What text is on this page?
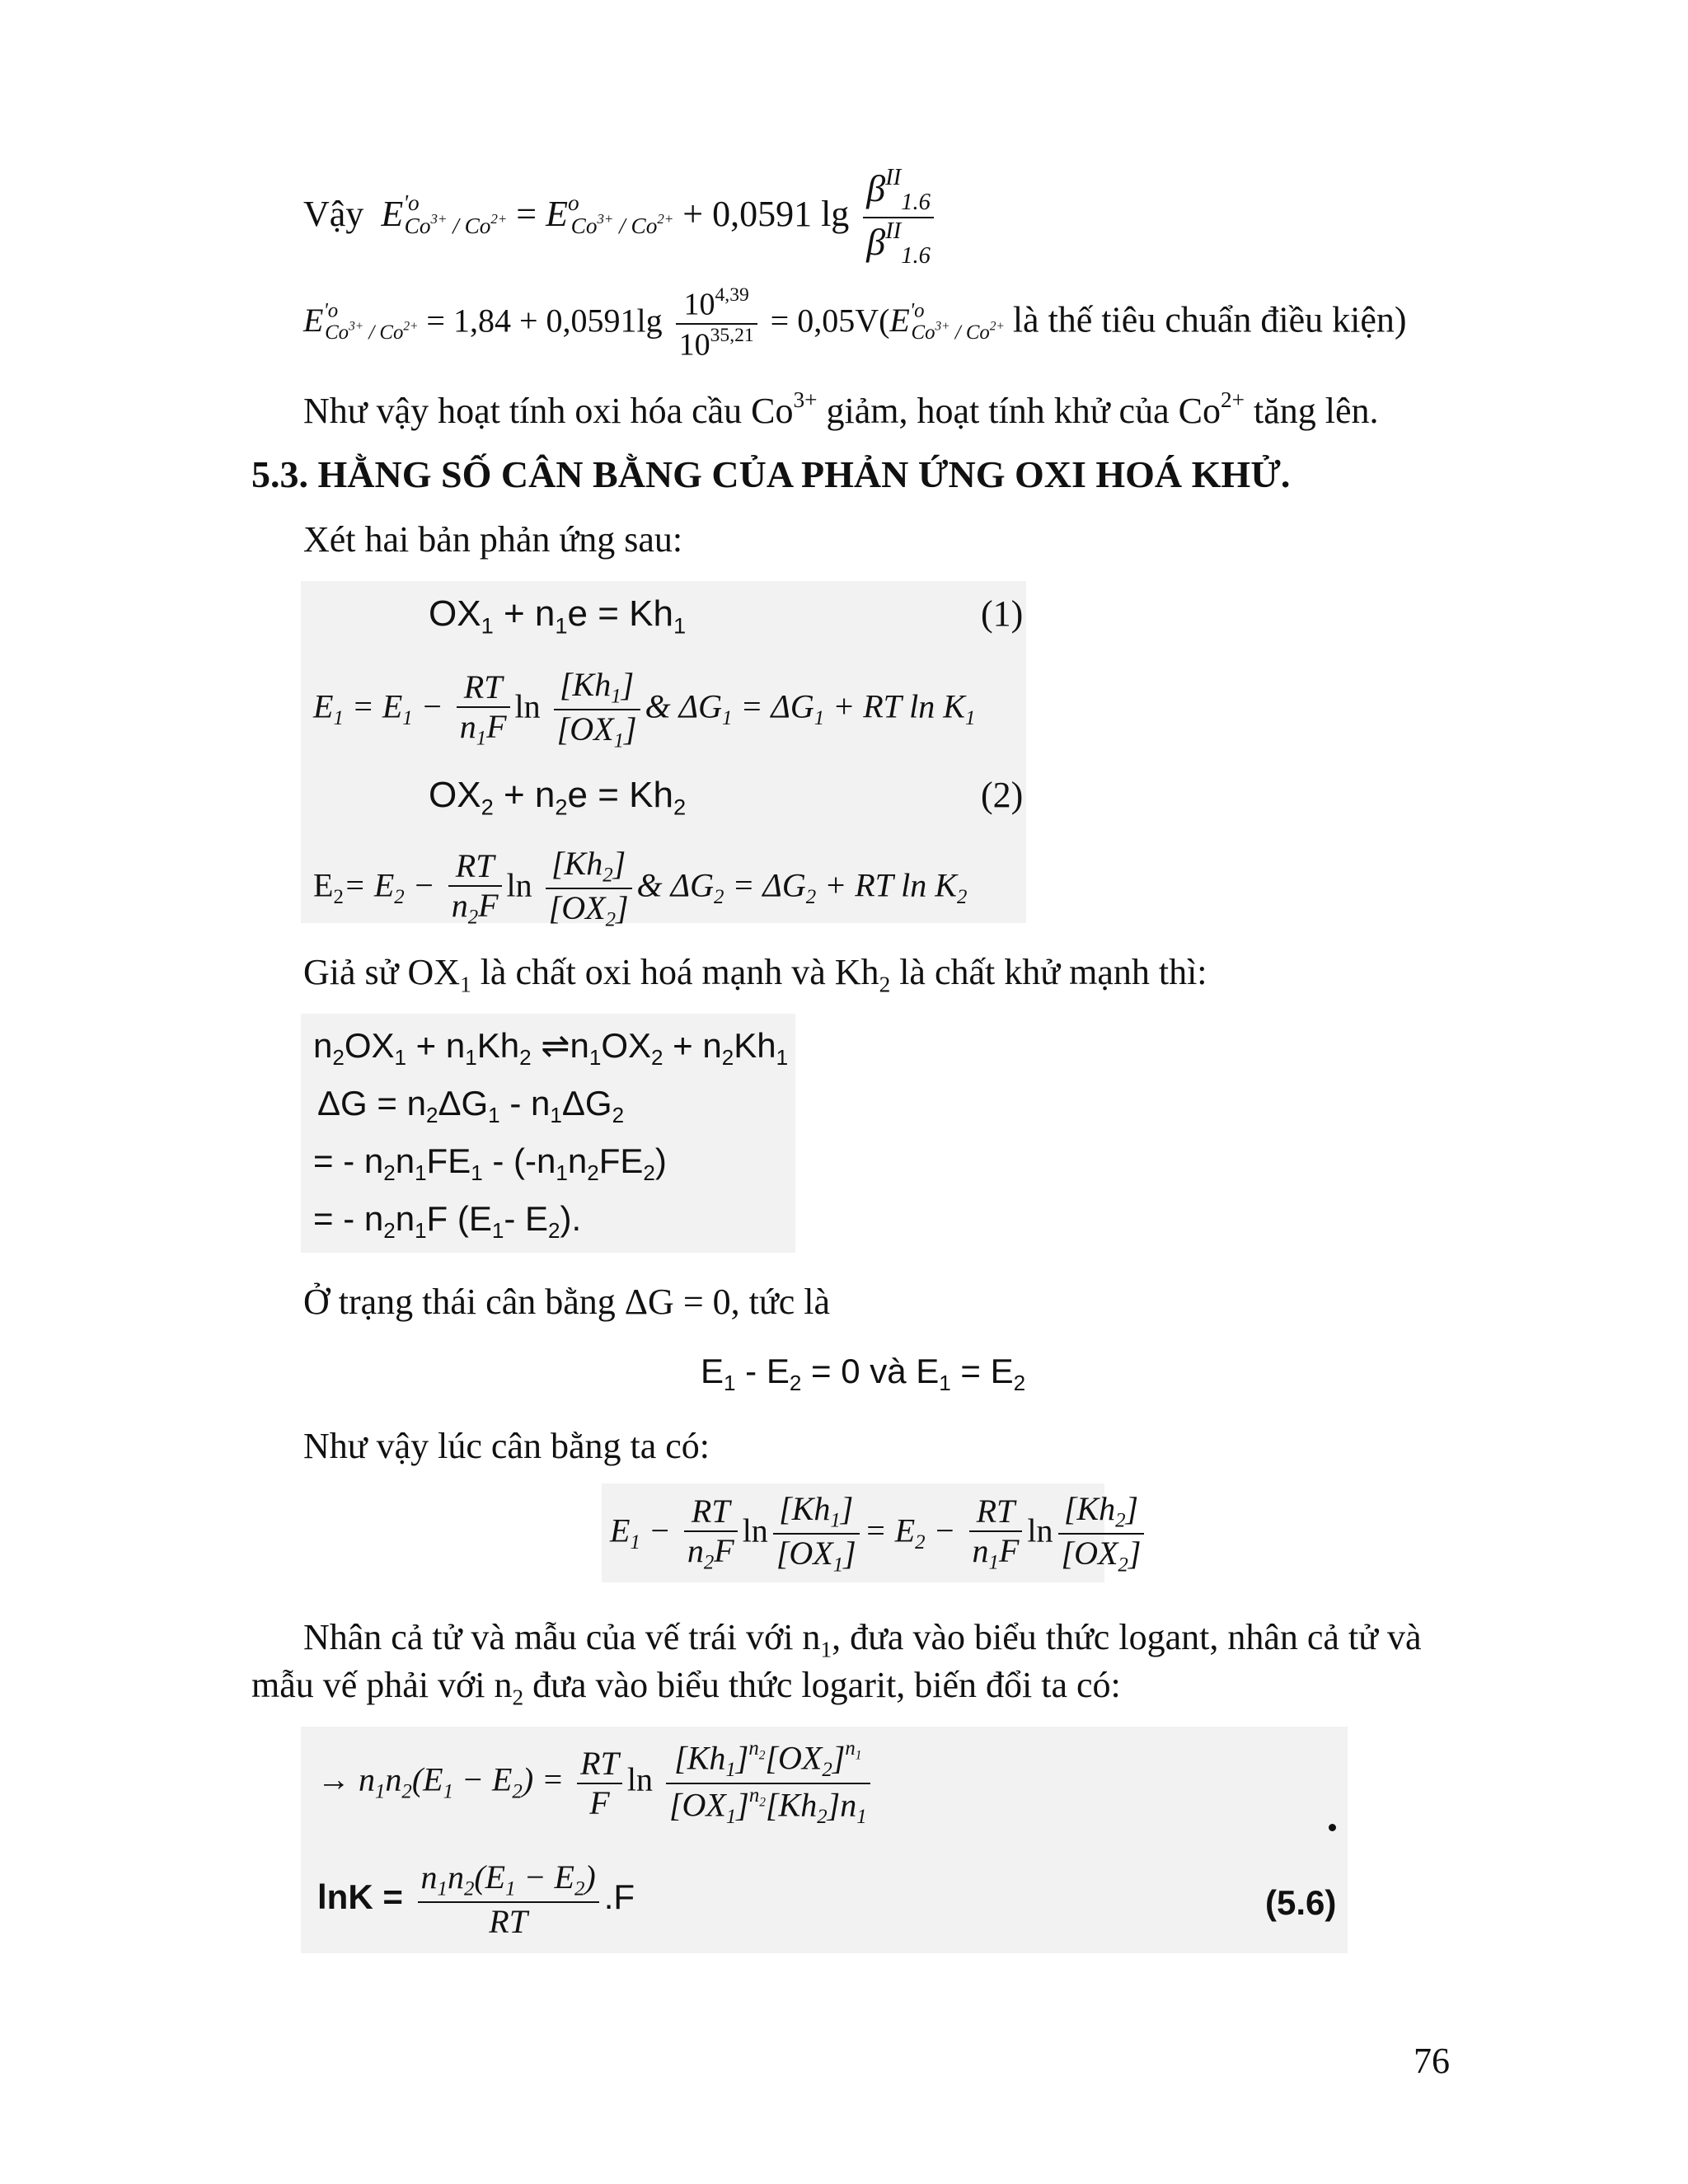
Vậy $E^{'o}_{Co^{3+} / Co^{2+}} = E^o_{Co^{3+} / Co^{2+}} + 0,0591$ $\lg \frac{\beta^{II}_{1.6}}{\beta^{II}_{1.6}}$
$E^{'o}_{Co^{3+} / Co^{2+}} = 1,84 + 0,0591\lg \frac{10^{4,39}}{10^{35,21}} = 0,05V(E^{'o}_{Co^{3+} / Co^{2+}}$ là thế tiêu chuẩn điều kiện)
Như vậy hoạt tính oxi hóa cầu $Co^{3+}$ giảm, hoạt tính khử của $Co^{2+}$ tăng lên.
5.3. HẰNG SỐ CÂN BẰNG CỦA PHẢN ỨNG OXI HOÁ KHỬ.
Xét hai bản phản ứng sau:
$OX_1 + n_1e = Kh_1$	(1)
$E_1 = E_1 - \frac{RT}{n_1F}$ $\ln \frac{[Kh_1]}{[OX_1]}$ & $\Delta G_1 = \Delta G_1$ + RT $\ln K_1$
$OX_2 + n_2e = Kh_2$	(2)
$E_2= E_2 - \frac{RT}{n_2F}$ $\ln \frac{[Kh_2]}{[OX_2]}$ & $\Delta G_2 = \Delta G_2$ + RT $\ln K_2$
Giả sử $OX_1$ là chất oxi hoá mạnh và $Kh_2$ là chất khử mạnh thì:
$n_2OX_1 + n_1Kh_2$ $\rightleftharpoons n_1OX_2 + n_2Kh_1$
$\Delta G = n_2\Delta G_1 - n_1\Delta G_2$
= - $n_2n_1FE_1 - (-n_1n_2FE_2)$
= - $n_2n_1F$ ($E_1-$ $E_2$).
Ở trạng thái cân bằng ΔG = 0, tức là
$E_1 - E_2 = 0$ và $E_1 = E_2$
Như vậy lúc cân bằng ta có:
$E_1 - \frac{RT}{n_2F}$ $\ln \frac{[Kh_1]}{[OX_1]} = E_2 - \frac{RT}{n_1F}$ $\ln \frac{[Kh_2]}{[OX_2]}$
Nhân cả tử và mẫu của vế trái với $n_1$, đưa vào biểu thức logant, nhân cả tử và
mẫu vế phải với $n_2$ đưa vào biểu thức logarit, biến đổi ta có:
→ $n_1n_2(E_1 - E_2) = \frac{RT}{F}$ $\ln \frac{[Kh_1]^{n_2}[OX_2]^{n_1}}{[OX_1]^{n_2}[Kh_2]n_1}$
$\ln K = \frac{n_1n_2(E_1 - E_2)}{RT} .F$	(5.6)
76
